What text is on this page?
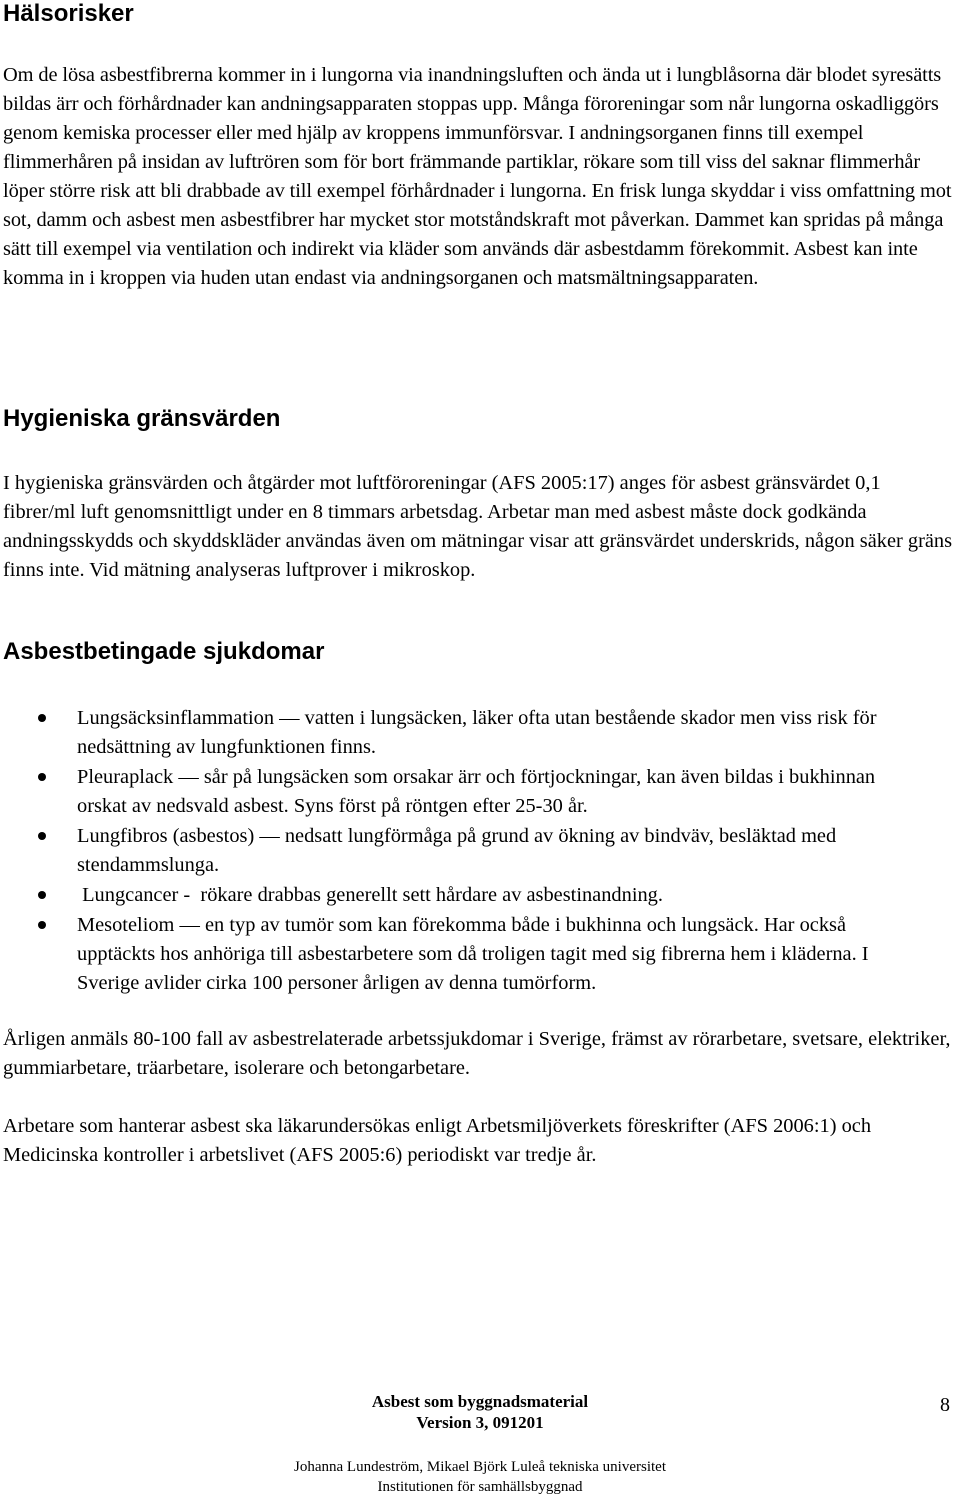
Hälsorisker

Om de lösa asbestfibrerna kommer in i lungorna via inandningsluften och ända ut i lungblåsorna där blodet syresätts bildas ärr och förhårdnader kan andningsapparaten stoppas upp. Många föroreningar som når lungorna oskadliggörs genom kemiska processer eller med hjälp av kroppens immunförsvar. I andningsorganen finns till exempel flimmerhåren på insidan av luftrören som för bort främmande partiklar, rökare som till viss del saknar flimmerhår löper större risk att bli drabbade av till exempel förhårdnader i lungorna. En frisk lunga skyddar i viss omfattning mot sot, damm och asbest men asbestfibrer har mycket stor motståndskraft mot påverkan. Dammet kan spridas på många sätt till exempel via ventilation och indirekt via kläder som används där asbestdamm förekommit. Asbest kan inte komma in i kroppen via huden utan endast via andningsorganen och matsmältningsapparaten.

Hygieniska gränsvärden

I hygieniska gränsvärden och åtgärder mot luftföroreningar (AFS 2005:17) anges för asbest gränsvärdet 0,1 fibrer/ml luft genomsnittligt under en 8 timmars arbetsdag. Arbetar man med asbest måste dock godkända andningsskydds och skyddskläder användas även om mätningar visar att gränsvärdet underskrids, någon säker gräns finns inte. Vid mätning analyseras luftprover i mikroskop.

Asbestbetingade sjukdomar
Lungsäcksinflammation — vatten i lungsäcken, läker ofta utan bestående skador men viss risk för nedsättning av lungfunktionen finns.
Pleuraplack — sår på lungsäcken som orsakar ärr och förtjockningar, kan även bildas i bukhinnan orskat av nedsvald asbest. Syns först på röntgen efter 25-30 år.
Lungfibros (asbestos) — nedsatt lungförmåga på grund av ökning av bindväv, besläktad med stendammslunga.
Lungcancer -  rökare drabbas generellt sett hårdare av asbestinandning.
Mesoteliom — en typ av tumör som kan förekomma både i bukhinna och lungsäck. Har också upptäckts hos anhöriga till asbestarbetere som då troligen tagit med sig fibrerna hem i kläderna. I Sverige avlider cirka 100 personer årligen av denna tumörform.

Årligen anmäls 80-100 fall av asbestrelaterade arbetssjukdomar i Sverige, främst av rörarbetare, svetsare, elektriker, gummiarbetare, träarbetare, isolerare och betongarbetare.

Arbetare som hanterar asbest ska läkarundersökas enligt Arbetsmiljöverkets föreskrifter (AFS 2006:1) och Medicinska kontroller i arbetslivet (AFS 2005:6) periodiskt var tredje år.

Asbest som byggnadsmaterial
Version 3, 091201
Johanna Lundeström, Mikael Björk Luleå tekniska universitet
Institutionen för samhällsbyggnad
8
